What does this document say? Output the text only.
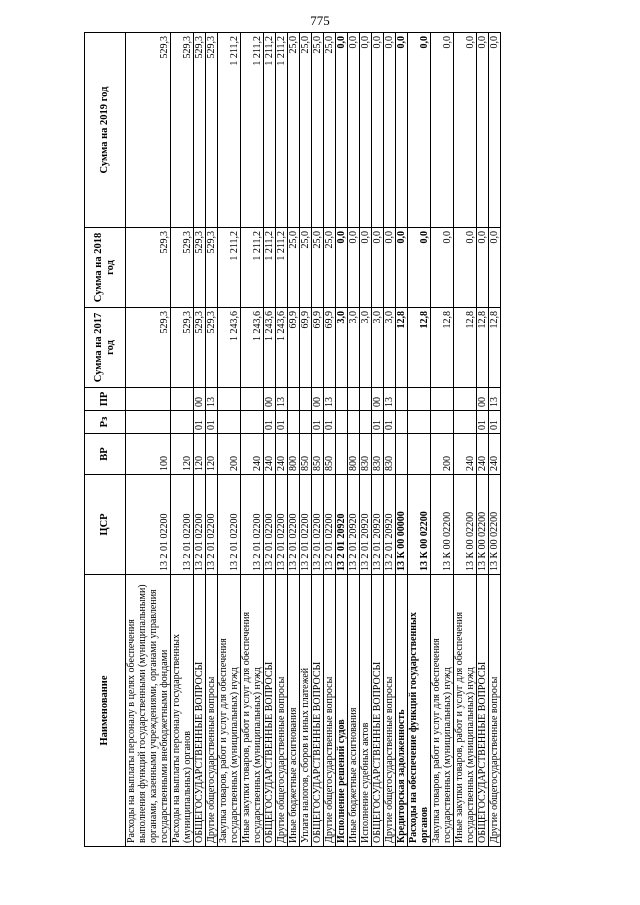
775
Наименование	ЦСР	ВР	Рз	ПР	Сумма на 2017 год	Сумма на 2018 год	Сумма на 2019 год
Расходы на выплаты персоналу в целях обеспечения выполнения функций государственными (муниципальными) органами, казенными учреждениями, органами управления государственными внебюджетными фондами	13 2 01 02200	100			529,3	529,3	529,3
Расходы на выплаты персоналу государственных (муниципальных) органов	13 2 01 02200	120			529,3	529,3	529,3
ОБЩЕГОСУДАРСТВЕННЫЕ ВОПРОСЫ	13 2 01 02200	120	01	00	529,3	529,3	529,3
Другие общегосударственные вопросы	13 2 01 02200	120	01	13	529,3	529,3	529,3
Закупка товаров, работ и услуг для обеспечения государственных (муниципальных) нужд	13 2 01 02200	200			1 243,6	1 211,2	1 211,2
Иные закупки товаров, работ и услуг для обеспечения государственных (муниципальных) нужд	13 2 01 02200	240			1 243,6	1 211,2	1 211,2
ОБЩЕГОСУДАРСТВЕННЫЕ ВОПРОСЫ	13 2 01 02200	240	01	00	1 243,6	1 211,2	1 211,2
Другие общегосударственные вопросы	13 2 01 02200	240	01	13	1 243,6	1 211,2	1 211,2
Иные бюджетные ассигнования	13 2 01 02200	800			69,9	25,0	25,0
Уплата налогов, сборов и иных платежей	13 2 01 02200	850			69,9	25,0	25,0
ОБЩЕГОСУДАРСТВЕННЫЕ ВОПРОСЫ	13 2 01 02200	850	01	00	69,9	25,0	25,0
Другие общегосударственные вопросы	13 2 01 02200	850	01	13	69,9	25,0	25,0
Исполнение решений судов	13 2 01 20920				3,0	0,0	0,0
Иные бюджетные ассигнования	13 2 01 20920	800			3,0	0,0	0,0
Исполнение судебных актов	13 2 01 20920	830			3,0	0,0	0,0
ОБЩЕГОСУДАРСТВЕННЫЕ ВОПРОСЫ	13 2 01 20920	830	01	00	3,0	0,0	0,0
Другие общегосударственные вопросы	13 2 01 20920	830	01	13	3,0	0,0	0,0
Кредиторская задолженность	13 К 00 00000				12,8	0,0	0,0
Расходы на обеспечение функций государственных органов	13 К 00 02200				12,8	0,0	0,0
Закупка товаров, работ и услуг для обеспечения государственных (муниципальных) нужд	13 К 00 02200	200			12,8	0,0	0,0
Иные закупки товаров, работ и услуг для обеспечения государственных (муниципальных) нужд	13 К 00 02200	240			12,8	0,0	0,0
ОБЩЕГОСУДАРСТВЕННЫЕ ВОПРОСЫ	13 К 00 02200	240	01	00	12,8	0,0	0,0
Другие общегосударственные вопросы	13 К 00 02200	240	01	13	12,8	0,0	0,0
